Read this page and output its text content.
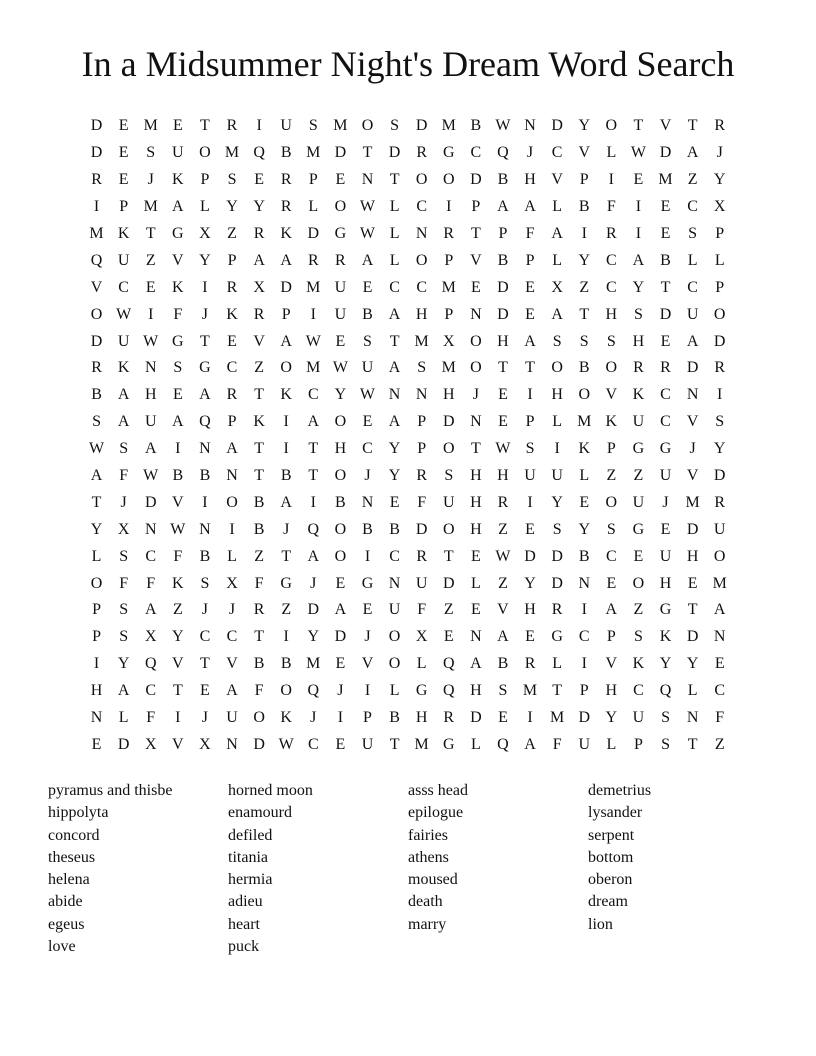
In a Midsummer Night's Dream Word Search
D	E M E	T	R	I	U	S M O	S	D M B W N D Y O	T	V	T	R
D	E	S	U O M Q B M D	T	D R G C Q	J	C V	L W D A	J
R	E	J	K	P	S	E	R	P	E	N	T	O O D B H V	P	I	E M Z	Y
I	P M A	L	Y Y R	L	O W L	C	I	P	A A	L	B	F	I	E	C X
M K	T	G X	Z	R K D G W L	N R	T	P	F	A	I	R	I	E	S	P
Q U	Z	V Y	P	A A R	R A	L	O	P	V B	P	L	Y C A B	L	L
V C	E	K	I	R X D M U	E	C	C M E	D	E	X	Z	C Y	T	C	P
O W	I	F	J	K R	P	I	U B A H	P	N D	E	A	T	H	S	D U O
D U W G	T	E	V A W E	S	T M X O H A	S	S	S	H	E	A D
R K N	S	G C	Z	O M W U A	S M O	T	T	O B O R	R D R
B A H	E	A R	T	K C Y W N N H	J	E	I	H O V K C N	I
S	A U A Q	P	K	I	A O	E	A	P	D N	E	P	L M K U C V	S
W S	A	I	N A	T	I	T	H C Y	P	O	T W S	I	K	P	G G	J	Y
A	F W B	B N	T	B	T	O	J	Y R	S	H H U U	L	Z	Z	U V D
T	J	D V	I	O B A	I	B N	E	F	U H R	I	Y	E	O U	J	M R
Y X N W N	I	B	J	Q O B	B D O H	Z	E	S	Y	S	G	E	D U
L	S	C	F	B	L	Z	T	A O	I	C	R	T	E W D D B	C	E	U H O
O	F	F	K	S	X	F	G	J	E	G N U D	L	Z	Y D N	E	O H	E M
P	S	A	Z	J	J	R	Z	D A	E	U	F	Z	E	V H R	I	A	Z	G	T	A
P	S	X Y C	C	T	I	Y D	J	O X	E	N A	E	G C	P	S	K D N
I	Y Q V	T	V B	B M E	V O	L	Q A B	R	L	I	V K Y Y	E
H A C	T	E	A	F	O Q	J	I	L	G Q H	S M T	P	H C Q	L	C
N	L	F	I	J	U O K	J	I	P	B H R D	E	I	M D Y U	S	N	F
E	D X V X N D W C	E	U	T M G	L	Q A	F	U	L	P	S	T	Z
pyramus and thisbe
hippolyta
concord
theseus
helena
abide
egeus
love
horned moon
enamourd
defiled
titania
hermia
adieu
heart
puck
asss head
epilogue
fairies
athens
moused
death
marry
demetrius
lysander
serpent
bottom
oberon
dream
lion
